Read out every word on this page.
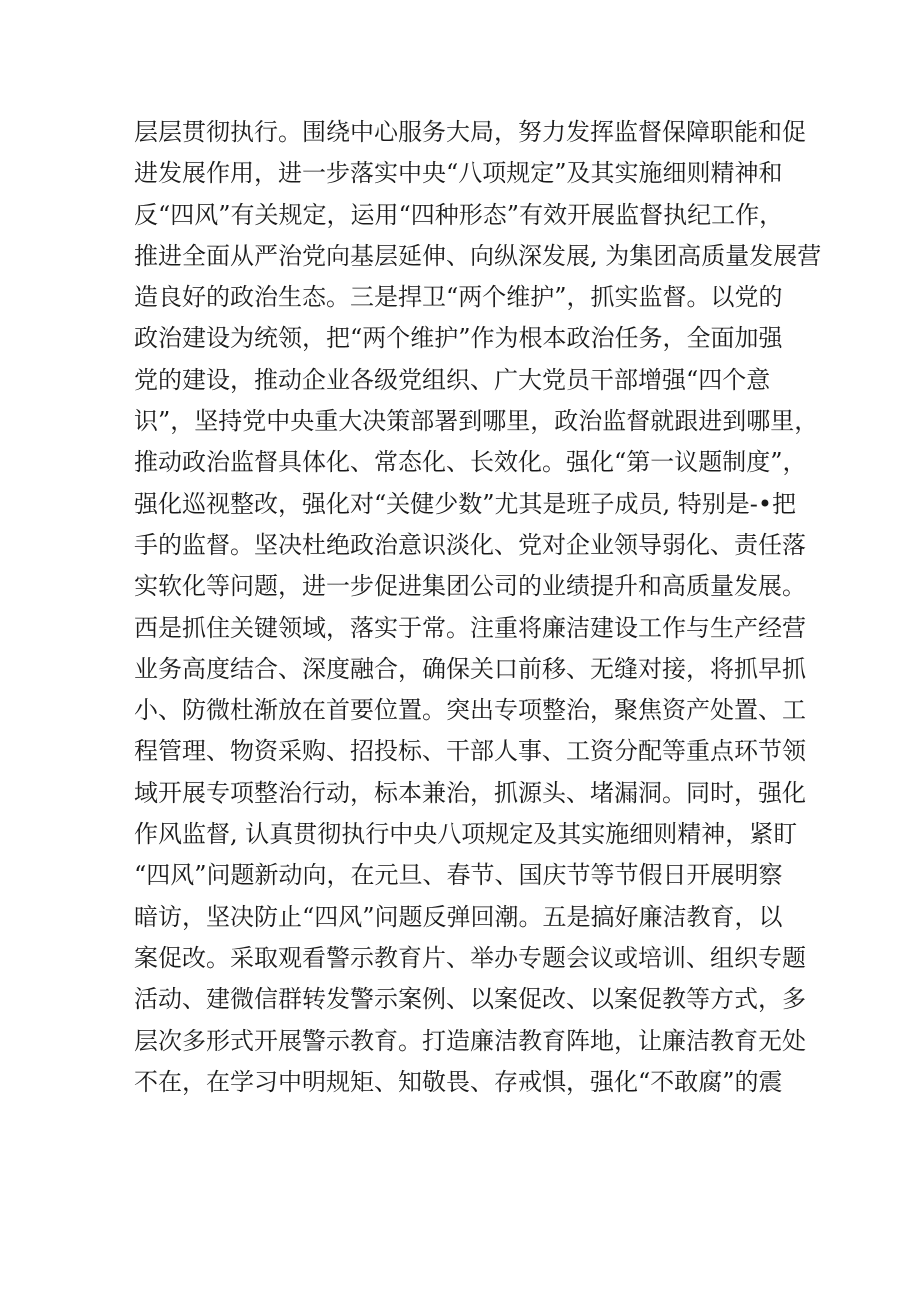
层层贯彻执行。围绕中心服务大局，努力发挥监督保障职能和促
进发展作用，进一步落实中央“八项规定”及其实施细则精神和
反“四风”有关规定，运用“四种形态”有效开展监督执纪工作，
推进全面从严治党向基层延伸、向纵深发展, 为集团高质量发展营
造良好的政治生态。三是捍卫“两个维护”，抓实监督。以党的
政治建设为统领，把“两个维护”作为根本政治任务，全面加强
党的建设，推动企业各级党组织、广大党员干部增强“四个意
识”，坚持党中央重大决策部署到哪里，政治监督就跟进到哪里，
推动政治监督具体化、常态化、长效化。强化“第一议题制度”，
强化巡视整改，强化对“关健少数”尤其是班子成员, 特别是-•把
手的监督。坚决杜绝政治意识淡化、党对企业领导弱化、责任落
实软化等问题，进一步促进集团公司的业绩提升和高质量发展。
西是抓住关键领域，落实于常。注重将廉洁建设工作与生产经营
业务高度结合、深度融合，确保关口前移、无缝对接，将抓早抓
小、防微杜渐放在首要位置。突出专项整治，聚焦资产处置、工
程管理、物资采购、招投标、干部人事、工资分配等重点环节领
域开展专项整治行动，标本兼治，抓源头、堵漏洞。同时，强化
作风监督, 认真贯彻执行中央八项规定及其实施细则精神，紧盯
“四风”问题新动向，在元旦、春节、国庆节等节假日开展明察
暗访，坚决防止“四风”问题反弹回潮。五是搞好廉洁教育，以
案促改。采取观看警示教育片、举办专题会议或培训、组织专题
活动、建微信群转发警示案例、以案促改、以案促教等方式，多
层次多形式开展警示教育。打造廉洁教育阵地，让廉洁教育无处
不在，在学习中明规矩、知敬畏、存戒惧，强化“不敢腐”的震
